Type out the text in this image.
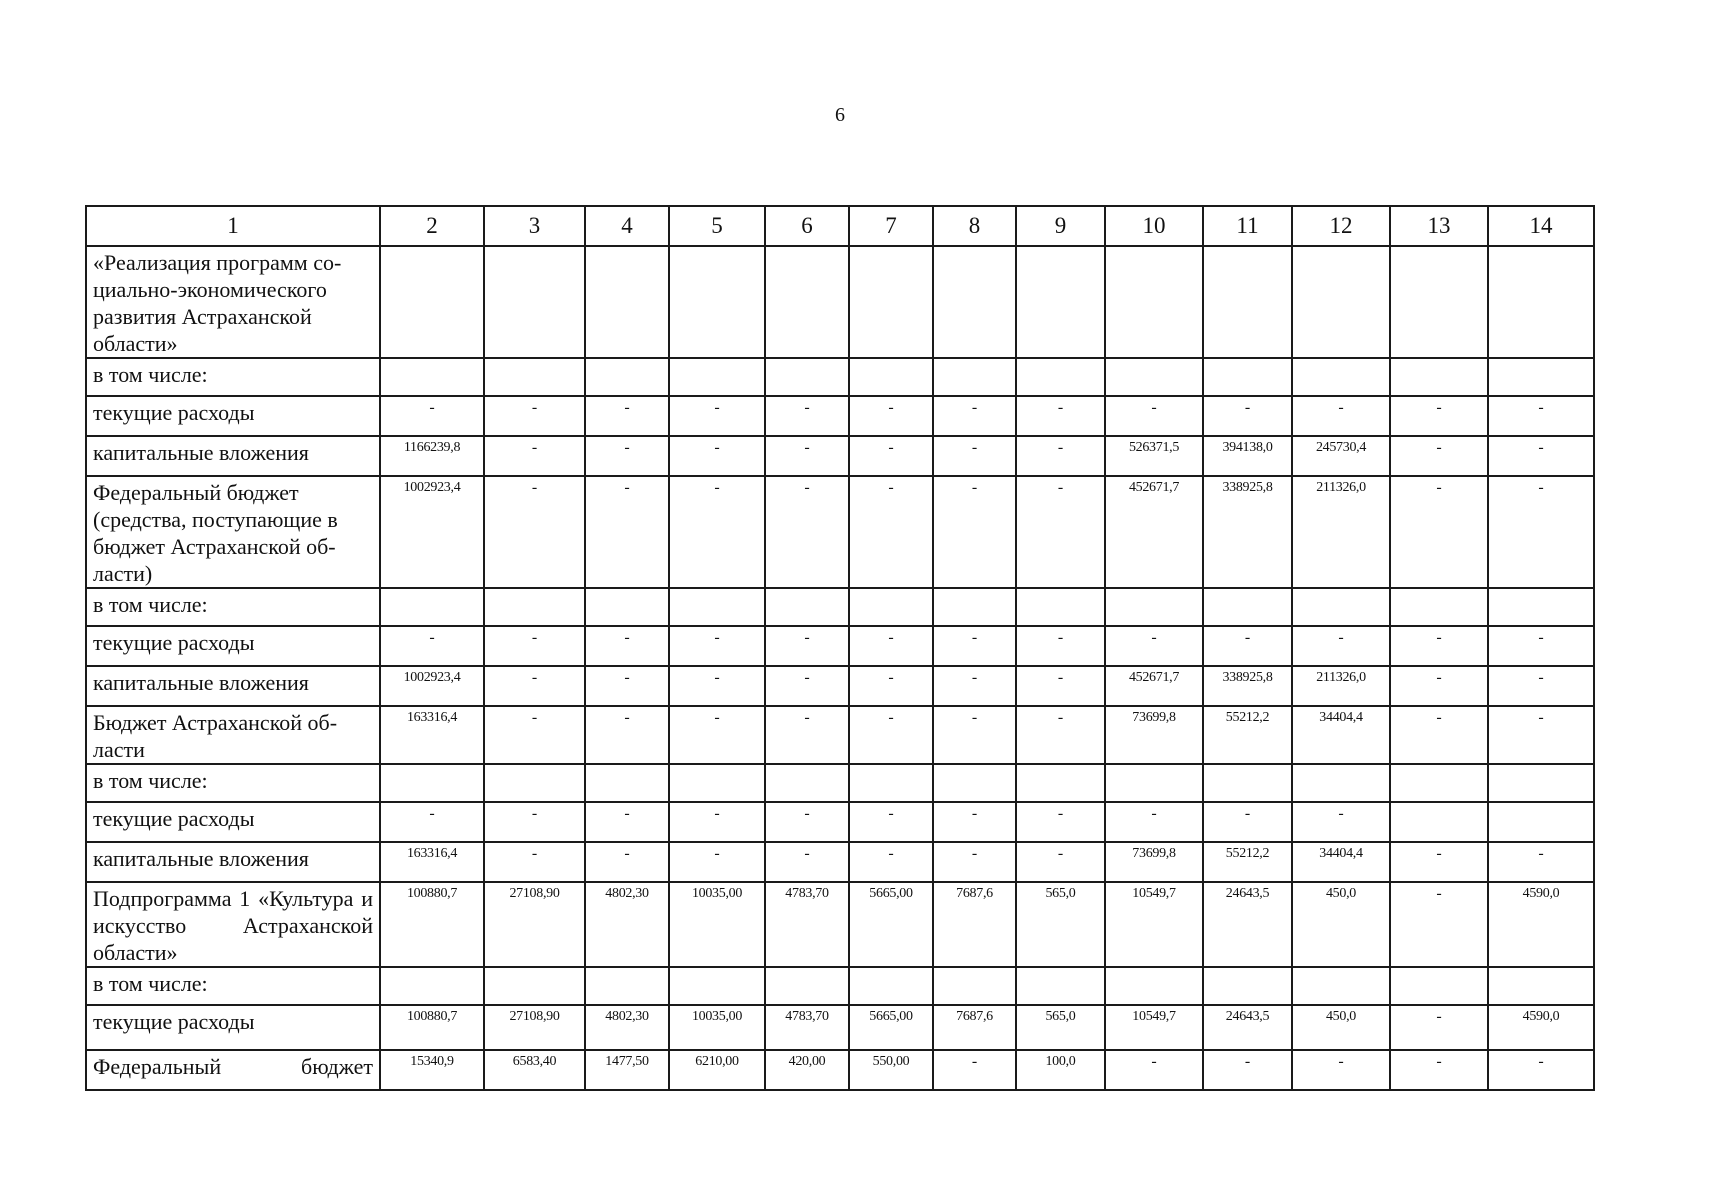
6
1	2	3	4	5	6	7	8	9	10	11	12	13	14
«Реализация программ со-циально-экономического развития Астраханской области»													
в том числе:													
текущие расходы	-	-	-	-	-	-	-	-	-	-	-	-	-
капитальные вложения	1166239,8	-	-	-	-	-	-	-	526371,5	394138,0	245730,4	-	-
Федеральный бюджет (средства, поступающие в бюджет Астраханской об-ласти)	1002923,4	-	-	-	-	-	-	-	452671,7	338925,8	211326,0	-	-
в том числе:													
текущие расходы	-	-	-	-	-	-	-	-	-	-	-	-	-
капитальные вложения	1002923,4	-	-	-	-	-	-	-	452671,7	338925,8	211326,0	-	-
Бюджет Астраханской об-ласти	163316,4	-	-	-	-	-	-	-	73699,8	55212,2	34404,4	-	-
в том числе:													
текущие расходы	-	-	-	-	-	-	-	-	-	-	-		
капитальные вложения	163316,4	-	-	-	-	-	-	-	73699,8	55212,2	34404,4	-	-
Подпрограмма 1 «Культура и искусство Астраханской области»	100880,7	27108,90	4802,30	10035,00	4783,70	5665,00	7687,6	565,0	10549,7	24643,5	450,0	-	4590,0
в том числе:													
текущие расходы	100880,7	27108,90	4802,30	10035,00	4783,70	5665,00	7687,6	565,0	10549,7	24643,5	450,0	-	4590,0
Федеральный бюджет	15340,9	6583,40	1477,50	6210,00	420,00	550,00	-	100,0	-	-	-	-	-
